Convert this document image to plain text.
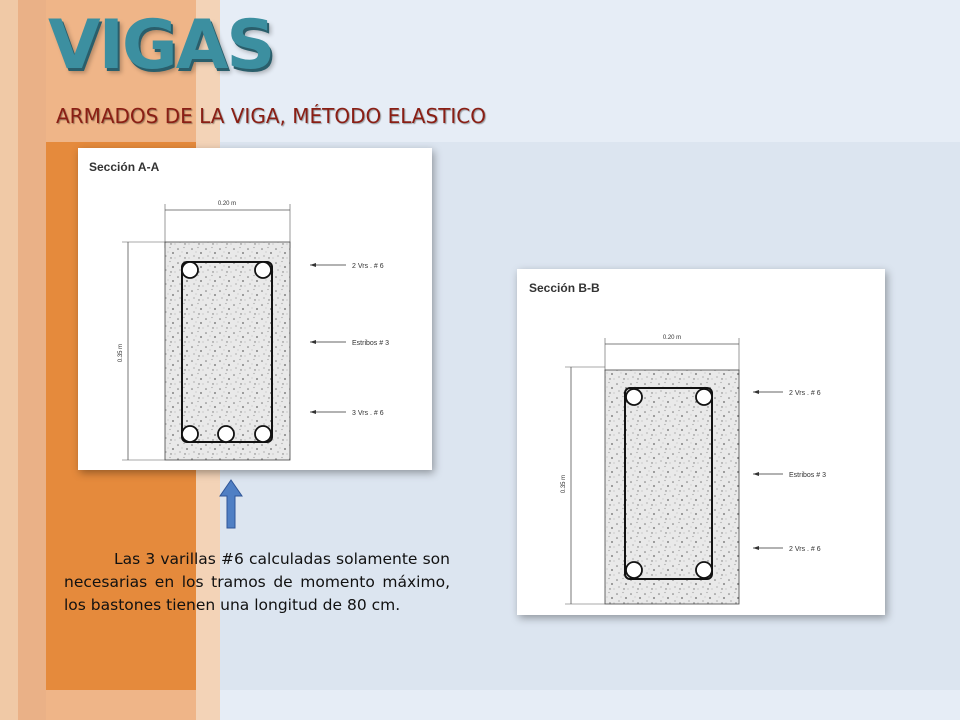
VIGAS
ARMADOS DE LA VIGA, MÉTODO ELASTICO
Sección A-A
0.20 m
0.35 m
2 Vrs . # 6
Estribos # 3
3 Vrs . # 6
Sección B-B
0.20 m
0.35 m
2 Vrs . # 6
Estribos # 3
2 Vrs . # 6

Las 3 varillas #6 calculadas solamente son necesarias en los tramos de momento máximo, los bastones tienen una longitud de 80 cm.
